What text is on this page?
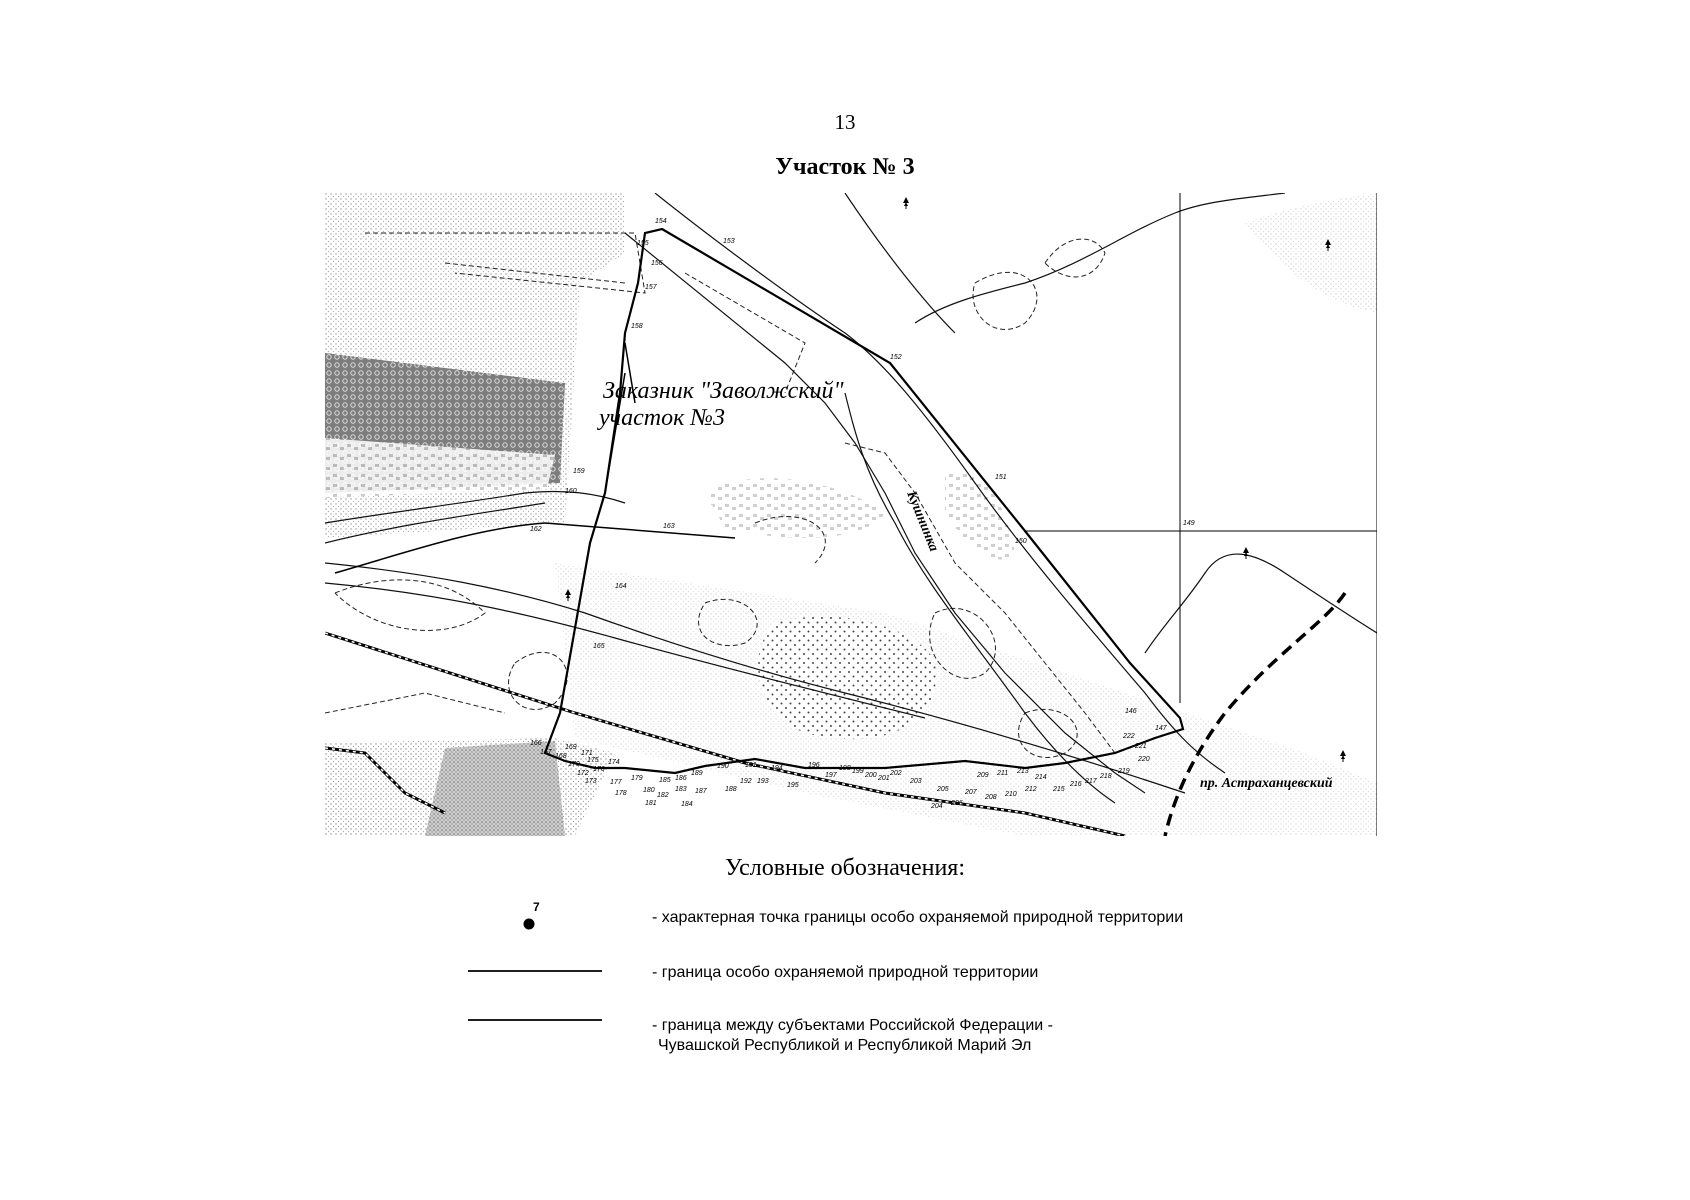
13
Участок № 3
154
155	153
156
157
158
152
151
159
160
162	163	149
150
164
165
146
147
222
221
220
219
218
217
216
215
214
213
212
211
210
209
208
207
206
205
204
203
202
201
200
199
198
197
196
195
194
193
192
191
190
189
188
187
186
185
184
183
182
181
180
179
178
177
176
175 174
173
172
171
170
169
168
167
166
Заказник "Заволжский"
участок №3
Кушнинка
пр. Астраханцевский
Условные обозначения:
7
- характерная точка границы особо охраняемой природной территории
- граница особо охраняемой природной территории
- граница между субъектами Российской Федерации -
Чувашской Республикой и Республикой Марий Эл
